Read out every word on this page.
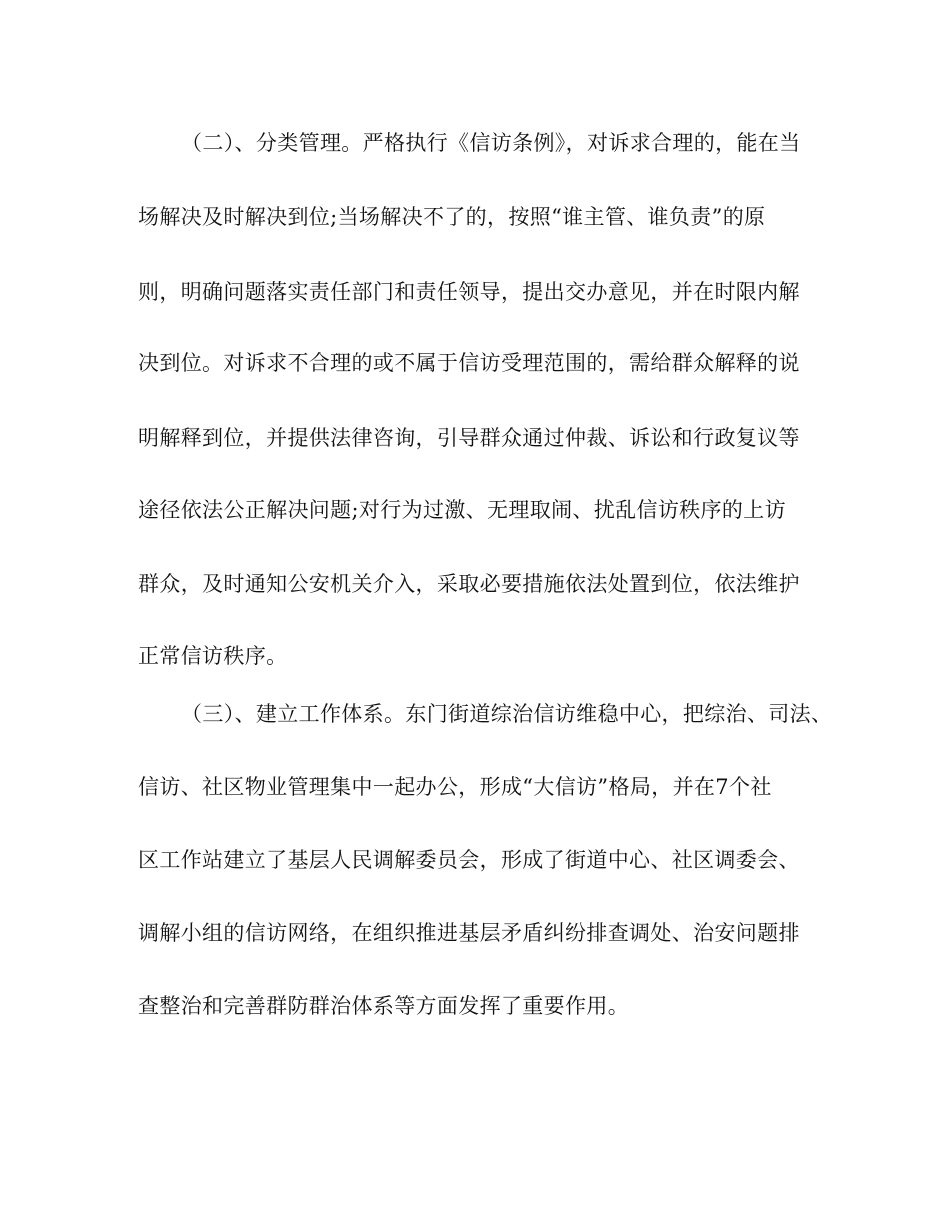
（二）、分类管理。严格执行《信访条例》，对诉求合理的，能在当
场解决及时解决到位;当场解决不了的，按照“谁主管、谁负责”的原
则，明确问题落实责任部门和责任领导，提出交办意见，并在时限内解
决到位。对诉求不合理的或不属于信访受理范围的，需给群众解释的说
明解释到位，并提供法律咨询，引导群众通过仲裁、诉讼和行政复议等
途径依法公正解决问题;对行为过激、无理取闹、扰乱信访秩序的上访
群众，及时通知公安机关介入，采取必要措施依法处置到位，依法维护
正常信访秩序。
（三）、建立工作体系。东门街道综治信访维稳中心，把综治、司法、
信访、社区物业管理集中一起办公，形成“大信访”格局，并在7个社
区工作站建立了基层人民调解委员会，形成了街道中心、社区调委会、
调解小组的信访网络，在组织推进基层矛盾纠纷排查调处、治安问题排
查整治和完善群防群治体系等方面发挥了重要作用。
